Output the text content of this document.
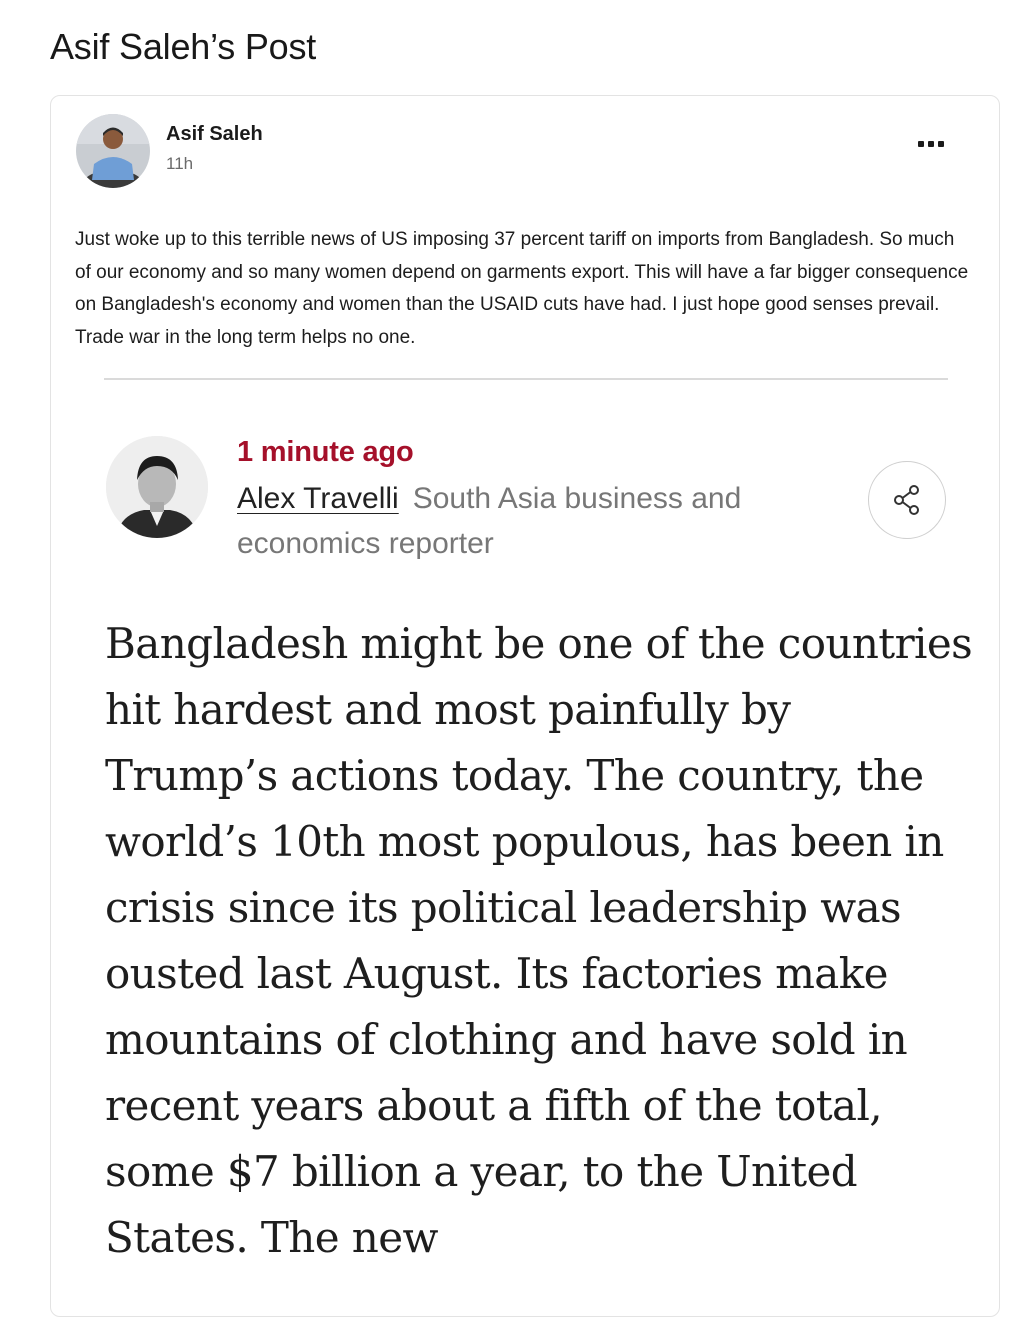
Asif Saleh’s Post
Asif Saleh
11h
Just woke up to this terrible news of US imposing 37 percent tariff on imports from Bangladesh. So much of our economy and so many women depend on garments export. This will have a far bigger consequence on Bangladesh's economy and women than the USAID cuts have had. I just hope good senses prevail. Trade war in the long term helps no one.
1 minute ago
Alex Travelli South Asia business and economics reporter
Bangladesh might be one of the countries hit hardest and most painfully by Trump’s actions today. The country, the world’s 10th most populous, has been in crisis since its political leadership was ousted last August. Its factories make mountains of clothing and have sold in recent years about a fifth of the total, some $7 billion a year, to the United States. The new
